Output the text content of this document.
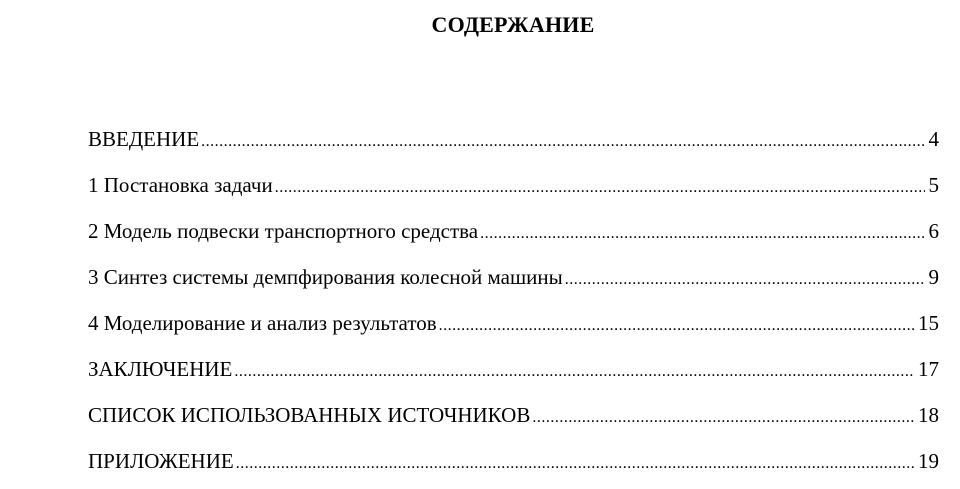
СОДЕРЖАНИЕ
ВВЕДЕНИЕ .....	4
1 Постановка задачи .....	5
2 Модель подвески транспортного средства .....	6
3 Синтез системы демпфирования колесной машины .....	9
4 Моделирование и анализ результатов .....	15
ЗАКЛЮЧЕНИЕ .....	17
СПИСОК ИСПОЛЬЗОВАННЫХ ИСТОЧНИКОВ .....	18
ПРИЛОЖЕНИЕ .....	19
